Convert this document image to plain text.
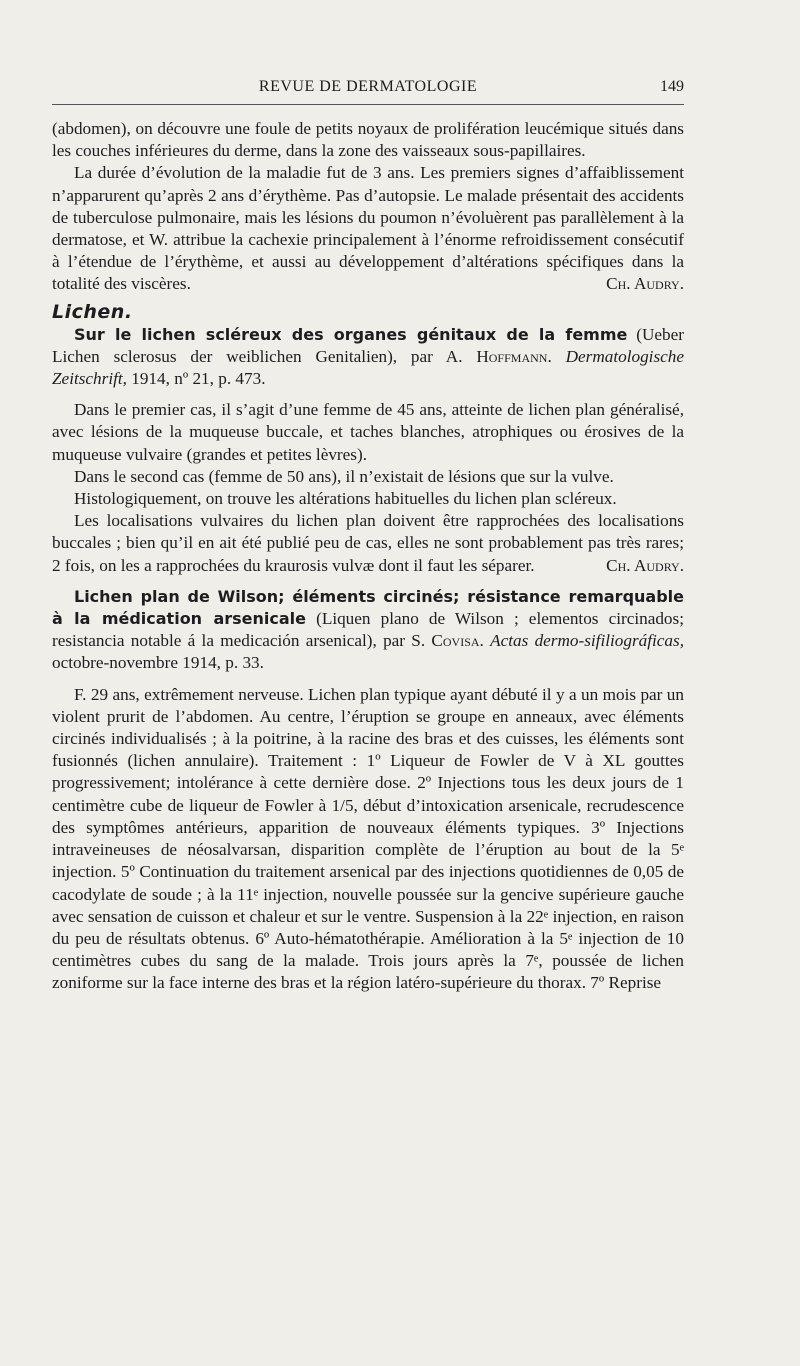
REVUE DE DERMATOLOGIE	149

(abdomen), on découvre une foule de petits noyaux de prolifération leucémique situés dans les couches inférieures du derme, dans la zone des vaisseaux sous-papillaires.

La durée d’évolution de la maladie fut de 3 ans. Les premiers signes d’affaiblissement n’apparurent qu’après 2 ans d’érythème. Pas d’autopsie. Le malade présentait des accidents de tuberculose pulmonaire, mais les lésions du poumon n’évoluèrent pas parallèlement à la dermatose, et W. attribue la cachexie principalement à l’énorme refroidissement consécutif à l’étendue de l’érythème, et aussi au développement d’altérations spécifiques dans la totalité des viscères.	Ch. Audry.

Lichen.

Sur le lichen scléreux des organes génitaux de la femme (Ueber Lichen sclerosus der weiblichen Genitalien), par A. Hoffmann. Dermatologische Zeitschrift, 1914, nº 21, p. 473.

Dans le premier cas, il s’agit d’une femme de 45 ans, atteinte de lichen plan généralisé, avec lésions de la muqueuse buccale, et taches blanches, atrophiques ou érosives de la muqueuse vulvaire (grandes et petites lèvres).

Dans le second cas (femme de 50 ans), il n’existait de lésions que sur la vulve.

Histologiquement, on trouve les altérations habituelles du lichen plan scléreux.

Les localisations vulvaires du lichen plan doivent être rapprochées des localisations buccales ; bien qu’il en ait été publié peu de cas, elles ne sont probablement pas très rares; 2 fois, on les a rapprochées du kraurosis vulvæ dont il faut les séparer.	Ch. Audry.

Lichen plan de Wilson; éléments circinés; résistance remarquable à la médication arsenicale (Liquen plano de Wilson ; elementos circinados; resistancia notable á la medicación arsenical), par S. Covisa. Actas dermo-sifiliográficas, octobre-novembre 1914, p. 33.

F. 29 ans, extrêmement nerveuse. Lichen plan typique ayant débuté il y a un mois par un violent prurit de l’abdomen. Au centre, l’éruption se groupe en anneaux, avec éléments circinés individualisés ; à la poitrine, à la racine des bras et des cuisses, les éléments sont fusionnés (lichen annulaire). Traitement : 1º Liqueur de Fowler de V à XL gouttes progressivement; intolérance à cette dernière dose. 2º Injections tous les deux jours de 1 centimètre cube de liqueur de Fowler à 1/5, début d’intoxication arsenicale, recrudescence des symptômes antérieurs, apparition de nouveaux éléments typiques. 3º Injections intraveineuses de néosalvarsan, disparition complète de l’éruption au bout de la 5ᵉ injection. 5º Continuation du traitement arsenical par des injections quotidiennes de 0,05 de cacodylate de soude ; à la 11ᵉ injection, nouvelle poussée sur la gencive supérieure gauche avec sensation de cuisson et chaleur et sur le ventre. Suspension à la 22ᵉ injection, en raison du peu de résultats obtenus. 6º Auto-hématothérapie. Amélioration à la 5ᵉ injection de 10 centimètres cubes du sang de la malade. Trois jours après la 7ᵉ, poussée de lichen zoniforme sur la face interne des bras et la région latéro-supérieure du thorax. 7º Reprise
